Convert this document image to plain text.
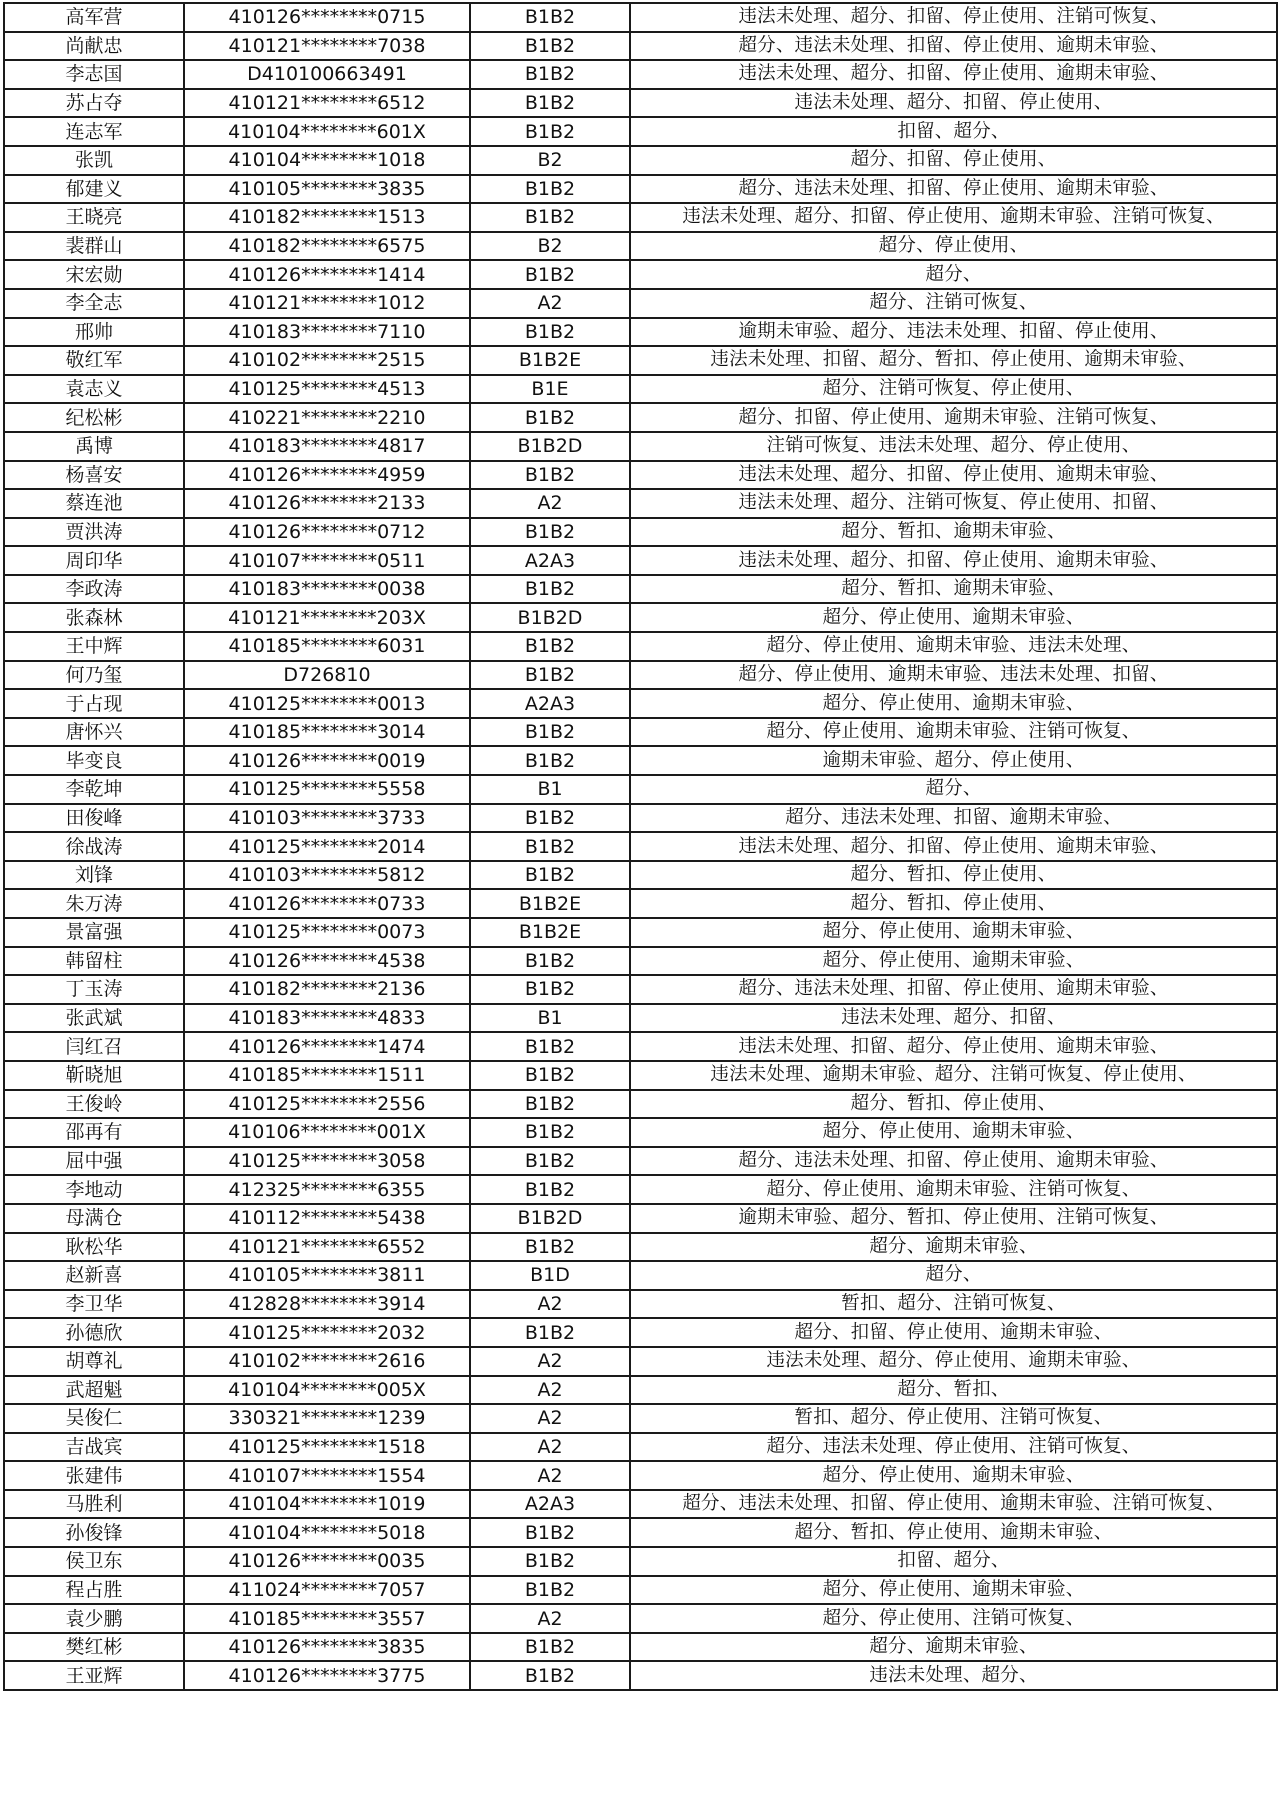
高军营	410126********0715	B1B2	违法未处理、超分、扣留、停止使用、注销可恢复、
尚献忠	410121********7038	B1B2	超分、违法未处理、扣留、停止使用、逾期未审验、
李志国	D410100663491	B1B2	违法未处理、超分、扣留、停止使用、逾期未审验、
苏占夺	410121********6512	B1B2	违法未处理、超分、扣留、停止使用、
连志军	410104********601X	B1B2	扣留、超分、
张凯	410104********1018	B2	超分、扣留、停止使用、
郁建义	410105********3835	B1B2	超分、违法未处理、扣留、停止使用、逾期未审验、
王晓亮	410182********1513	B1B2	违法未处理、超分、扣留、停止使用、逾期未审验、注销可恢复、
裴群山	410182********6575	B2	超分、停止使用、
宋宏勋	410126********1414	B1B2	超分、
李全志	410121********1012	A2	超分、注销可恢复、
邢帅	410183********7110	B1B2	逾期未审验、超分、违法未处理、扣留、停止使用、
敬红军	410102********2515	B1B2E	违法未处理、扣留、超分、暂扣、停止使用、逾期未审验、
袁志义	410125********4513	B1E	超分、注销可恢复、停止使用、
纪松彬	410221********2210	B1B2	超分、扣留、停止使用、逾期未审验、注销可恢复、
禹博	410183********4817	B1B2D	注销可恢复、违法未处理、超分、停止使用、
杨喜安	410126********4959	B1B2	违法未处理、超分、扣留、停止使用、逾期未审验、
蔡连池	410126********2133	A2	违法未处理、超分、注销可恢复、停止使用、扣留、
贾洪涛	410126********0712	B1B2	超分、暂扣、逾期未审验、
周印华	410107********0511	A2A3	违法未处理、超分、扣留、停止使用、逾期未审验、
李政涛	410183********0038	B1B2	超分、暂扣、逾期未审验、
张森林	410121********203X	B1B2D	超分、停止使用、逾期未审验、
王中辉	410185********6031	B1B2	超分、停止使用、逾期未审验、违法未处理、
何乃玺	D726810	B1B2	超分、停止使用、逾期未审验、违法未处理、扣留、
于占现	410125********0013	A2A3	超分、停止使用、逾期未审验、
唐怀兴	410185********3014	B1B2	超分、停止使用、逾期未审验、注销可恢复、
毕变良	410126********0019	B1B2	逾期未审验、超分、停止使用、
李乾坤	410125********5558	B1	超分、
田俊峰	410103********3733	B1B2	超分、违法未处理、扣留、逾期未审验、
徐战涛	410125********2014	B1B2	违法未处理、超分、扣留、停止使用、逾期未审验、
刘锋	410103********5812	B1B2	超分、暂扣、停止使用、
朱万涛	410126********0733	B1B2E	超分、暂扣、停止使用、
景富强	410125********0073	B1B2E	超分、停止使用、逾期未审验、
韩留柱	410126********4538	B1B2	超分、停止使用、逾期未审验、
丁玉涛	410182********2136	B1B2	超分、违法未处理、扣留、停止使用、逾期未审验、
张武斌	410183********4833	B1	违法未处理、超分、扣留、
闫红召	410126********1474	B1B2	违法未处理、扣留、超分、停止使用、逾期未审验、
靳晓旭	410185********1511	B1B2	违法未处理、逾期未审验、超分、注销可恢复、停止使用、
王俊岭	410125********2556	B1B2	超分、暂扣、停止使用、
邵再有	410106********001X	B1B2	超分、停止使用、逾期未审验、
屈中强	410125********3058	B1B2	超分、违法未处理、扣留、停止使用、逾期未审验、
李地动	412325********6355	B1B2	超分、停止使用、逾期未审验、注销可恢复、
母满仓	410112********5438	B1B2D	逾期未审验、超分、暂扣、停止使用、注销可恢复、
耿松华	410121********6552	B1B2	超分、逾期未审验、
赵新喜	410105********3811	B1D	超分、
李卫华	412828********3914	A2	暂扣、超分、注销可恢复、
孙德欣	410125********2032	B1B2	超分、扣留、停止使用、逾期未审验、
胡尊礼	410102********2616	A2	违法未处理、超分、停止使用、逾期未审验、
武超魁	410104********005X	A2	超分、暂扣、
吴俊仁	330321********1239	A2	暂扣、超分、停止使用、注销可恢复、
吉战宾	410125********1518	A2	超分、违法未处理、停止使用、注销可恢复、
张建伟	410107********1554	A2	超分、停止使用、逾期未审验、
马胜利	410104********1019	A2A3	超分、违法未处理、扣留、停止使用、逾期未审验、注销可恢复、
孙俊锋	410104********5018	B1B2	超分、暂扣、停止使用、逾期未审验、
侯卫东	410126********0035	B1B2	扣留、超分、
程占胜	411024********7057	B1B2	超分、停止使用、逾期未审验、
袁少鹏	410185********3557	A2	超分、停止使用、注销可恢复、
樊红彬	410126********3835	B1B2	超分、逾期未审验、
王亚辉	410126********3775	B1B2	违法未处理、超分、
